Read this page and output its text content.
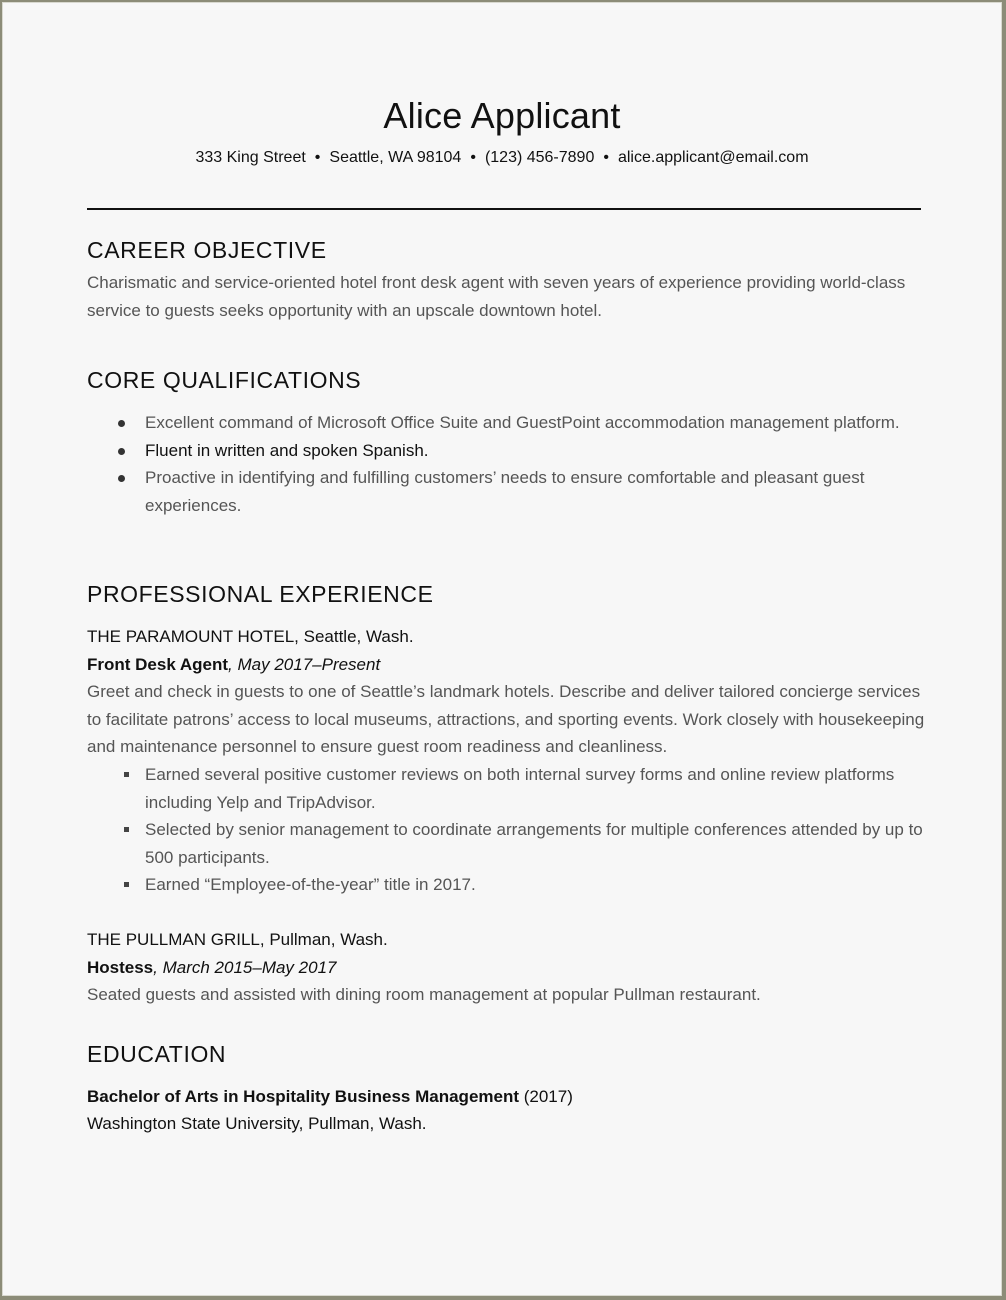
Alice Applicant
333 King Street • Seattle, WA 98104 • (123) 456-7890 • alice.applicant@email.com
CAREER OBJECTIVE
Charismatic and service-oriented hotel front desk agent with seven years of experience providing world-class service to guests seeks opportunity with an upscale downtown hotel.
CORE QUALIFICATIONS
Excellent command of Microsoft Office Suite and GuestPoint accommodation management platform.
Fluent in written and spoken Spanish.
Proactive in identifying and fulfilling customers’ needs to ensure comfortable and pleasant guest experiences.
PROFESSIONAL EXPERIENCE
THE PARAMOUNT HOTEL, Seattle, Wash.
Front Desk Agent, May 2017–Present
Greet and check in guests to one of Seattle’s landmark hotels. Describe and deliver tailored concierge services to facilitate patrons’ access to local museums, attractions, and sporting events. Work closely with housekeeping and maintenance personnel to ensure guest room readiness and cleanliness.
Earned several positive customer reviews on both internal survey forms and online review platforms including Yelp and TripAdvisor.
Selected by senior management to coordinate arrangements for multiple conferences attended by up to 500 participants.
Earned “Employee-of-the-year” title in 2017.
THE PULLMAN GRILL, Pullman, Wash.
Hostess, March 2015–May 2017
Seated guests and assisted with dining room management at popular Pullman restaurant.
EDUCATION
Bachelor of Arts in Hospitality Business Management (2017)
Washington State University, Pullman, Wash.
